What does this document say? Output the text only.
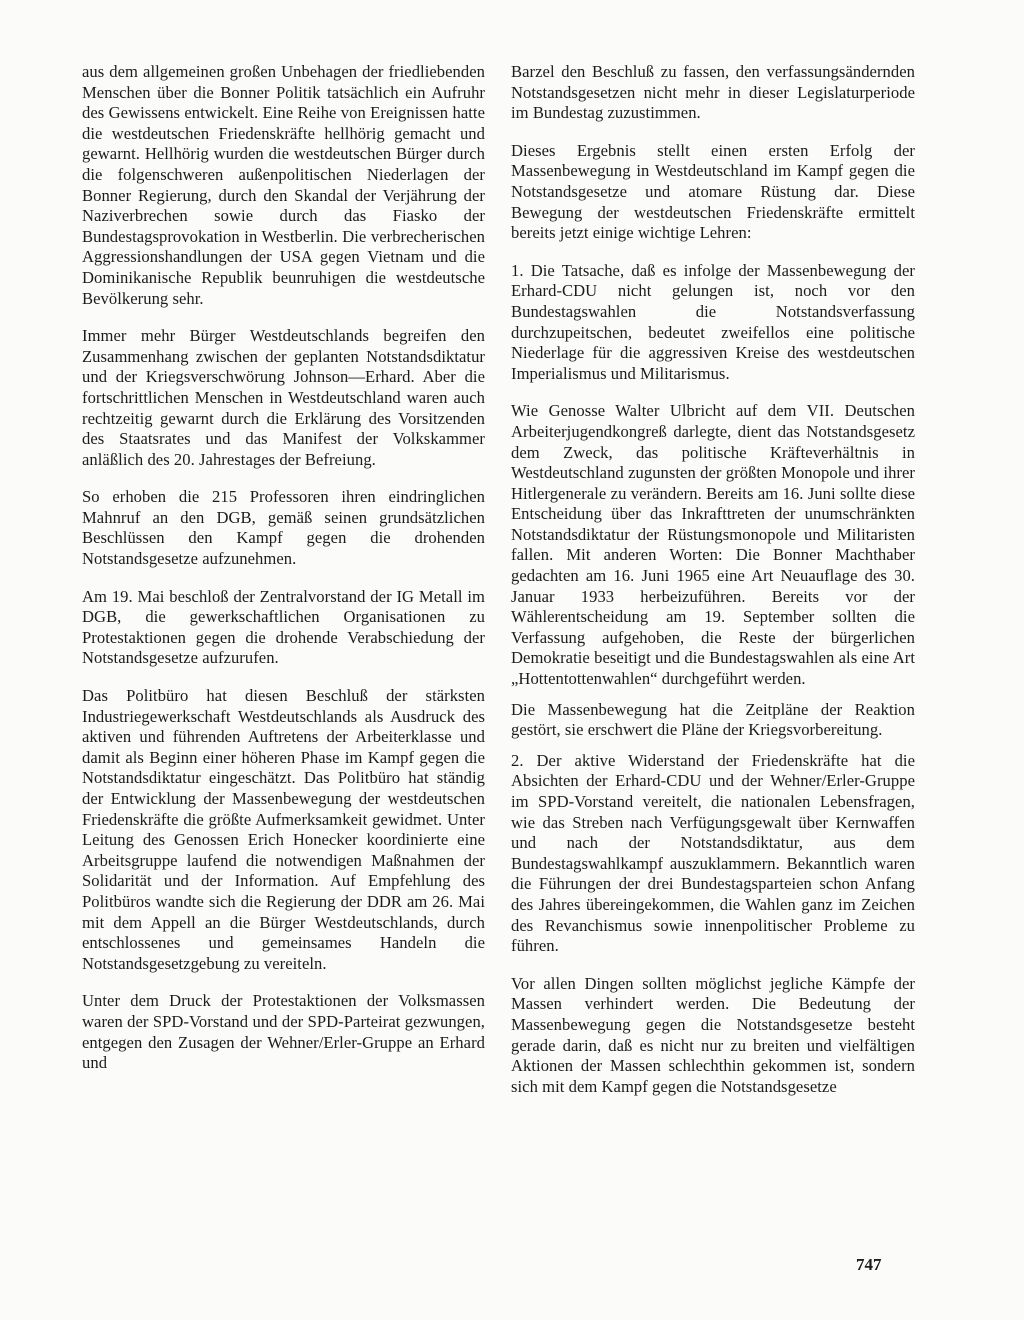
aus dem allgemeinen großen Unbehagen der friedliebenden Menschen über die Bonner Politik tatsächlich ein Aufruhr des Gewissens entwickelt. Eine Reihe von Ereignissen hatte die westdeutschen Friedenskräfte hellhörig gemacht und gewarnt. Hellhörig wurden die westdeutschen Bürger durch die folgenschweren außenpolitischen Niederlagen der Bonner Regierung, durch den Skandal der Verjährung der Naziverbrechen sowie durch das Fiasko der Bundestagsprovokation in Westberlin. Die verbrecherischen Aggressionshandlungen der USA gegen Vietnam und die Dominikanische Republik beunruhigen die westdeutsche Bevölkerung sehr.

Immer mehr Bürger Westdeutschlands begreifen den Zusammenhang zwischen der geplanten Notstandsdiktatur und der Kriegsverschwörung Johnson—Erhard. Aber die fortschrittlichen Menschen in Westdeutschland waren auch rechtzeitig gewarnt durch die Erklärung des Vorsitzenden des Staatsrates und das Manifest der Volkskammer anläßlich des 20. Jahrestages der Befreiung.

So erhoben die 215 Professoren ihren eindringlichen Mahnruf an den DGB, gemäß seinen grundsätzlichen Beschlüssen den Kampf gegen die drohenden Notstandsgesetze aufzunehmen.

Am 19. Mai beschloß der Zentralvorstand der IG Metall im DGB, die gewerkschaftlichen Organisationen zu Protestaktionen gegen die drohende Verabschiedung der Notstandsgesetze aufzurufen.

Das Politbüro hat diesen Beschluß der stärksten Industriegewerkschaft Westdeutschlands als Ausdruck des aktiven und führenden Auftretens der Arbeiterklasse und damit als Beginn einer höheren Phase im Kampf gegen die Notstandsdiktatur eingeschätzt. Das Politbüro hat ständig der Entwicklung der Massenbewegung der westdeutschen Friedenskräfte die größte Aufmerksamkeit gewidmet. Unter Leitung des Genossen Erich Honecker koordinierte eine Arbeitsgruppe laufend die notwendigen Maßnahmen der Solidarität und der Information. Auf Empfehlung des Politbüros wandte sich die Regierung der DDR am 26. Mai mit dem Appell an die Bürger Westdeutschlands, durch entschlossenes und gemeinsames Handeln die Notstandsgesetzgebung zu vereiteln.

Unter dem Druck der Protestaktionen der Volksmassen waren der SPD-Vorstand und der SPD-Parteirat gezwungen, entgegen den Zusagen der Wehner/Erler-Gruppe an Erhard und

Barzel den Beschluß zu fassen, den verfassungsändernden Notstandsgesetzen nicht mehr in dieser Legislaturperiode im Bundestag zuzustimmen.

Dieses Ergebnis stellt einen ersten Erfolg der Massenbewegung in Westdeutschland im Kampf gegen die Notstandsgesetze und atomare Rüstung dar. Diese Bewegung der westdeutschen Friedenskräfte ermittelt bereits jetzt einige wichtige Lehren:

1. Die Tatsache, daß es infolge der Massenbewegung der Erhard-CDU nicht gelungen ist, noch vor den Bundestagswahlen die Notstandsverfassung durchzupeitschen, bedeutet zweifellos eine politische Niederlage für die aggressiven Kreise des westdeutschen Imperialismus und Militarismus.

Wie Genosse Walter Ulbricht auf dem VII. Deutschen Arbeiterjugendkongreß darlegte, dient das Notstandsgesetz dem Zweck, das politische Kräfteverhältnis in Westdeutschland zugunsten der größten Monopole und ihrer Hitlergenerale zu verändern. Bereits am 16. Juni sollte diese Entscheidung über das Inkrafttreten der unumschränkten Notstandsdiktatur der Rüstungsmonopole und Militaristen fallen. Mit anderen Worten: Die Bonner Machthaber gedachten am 16. Juni 1965 eine Art Neuauflage des 30. Januar 1933 herbeizuführen. Bereits vor der Wählerentscheidung am 19. September sollten die Verfassung aufgehoben, die Reste der bürgerlichen Demokratie beseitigt und die Bundestagswahlen als eine Art „Hottentottenwahlen“ durchgeführt werden.

Die Massenbewegung hat die Zeitpläne der Reaktion gestört, sie erschwert die Pläne der Kriegsvorbereitung.

2. Der aktive Widerstand der Friedenskräfte hat die Absichten der Erhard-CDU und der Wehner/Erler-Gruppe im SPD-Vorstand vereitelt, die nationalen Lebensfragen, wie das Streben nach Verfügungsgewalt über Kernwaffen und nach der Notstandsdiktatur, aus dem Bundestagswahlkampf auszuklammern. Bekanntlich waren die Führungen der drei Bundestagsparteien schon Anfang des Jahres übereingekommen, die Wahlen ganz im Zeichen des Revanchismus sowie innenpolitischer Probleme zu führen.

Vor allen Dingen sollten möglichst jegliche Kämpfe der Massen verhindert werden. Die Bedeutung der Massenbewegung gegen die Notstandsgesetze besteht gerade darin, daß es nicht nur zu breiten und vielfältigen Aktionen der Massen schlechthin gekommen ist, sondern sich mit dem Kampf gegen die Notstandsgesetze

747
